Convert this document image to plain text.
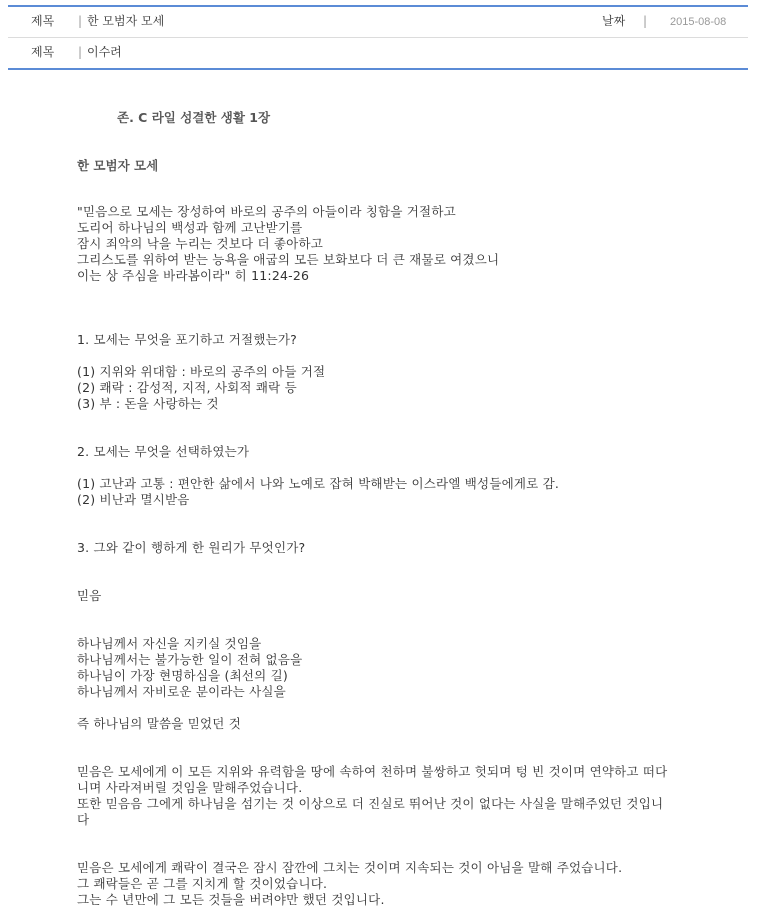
제목 | 한 모범자 모세	날짜 | 2015-08-08
제목 | 이수려
존. C 라일 성결한 생활 1장
한 모범자 모세
"믿음으로 모세는 장성하여 바로의 공주의 아들이라 칭함을 거절하고
도리어 하나님의 백성과 함께 고난받기를
잠시 죄악의 낙을 누리는 것보다 더 좋아하고
그리스도를 위하여 받는 능욕을 애굽의 모든 보화보다 더 큰 재물로 여겼으니
이는 상 주심을 바라봄이라" 히 11:24-26
1. 모세는 무엇을 포기하고 거절했는가?
(1) 지위와 위대함 : 바로의 공주의 아들 거절
(2) 쾌락 : 감성적, 지적, 사회적 쾌락 등
(3) 부 : 돈을 사랑하는 것
2. 모세는 무엇을 선택하였는가
(1) 고난과 고통 : 편안한 삶에서 나와 노예로 잡혀 박해받는 이스라엘 백성들에게로 감.
(2) 비난과 멸시받음
3. 그와 같이 행하게 한 원리가 무엇인가?
믿음
하나님께서 자신을 지키실 것임을
하나님께서는 불가능한 일이 전혀 없음을
하나님이 가장 현명하심을 (최선의 길)
하나님께서 자비로운 분이라는 사실을
즉 하나님의 말씀을 믿었던 것
믿음은 모세에게 이 모든 지위와 유력함을 땅에 속하여 천하며 불쌍하고 헛되며 텅 빈 것이며 연약하고 떠다
니며 사라져버릴 것임을 말해주었습니다.
또한 믿음음 그에게 하나님을 섬기는 것 이상으로 더 진실로 뛰어난 것이 없다는 사실을 말해주었던 것입니
다
믿음은 모세에게 쾌락이 결국은 잠시 잠깐에 그치는 것이며 지속되는 것이 아님을 말해 주었습니다.
그 쾌락들은 곧 그를 지치게 할 것이었습니다.
그는 수 년만에 그 모든 것들을 버려야만 했던 것입니다.
